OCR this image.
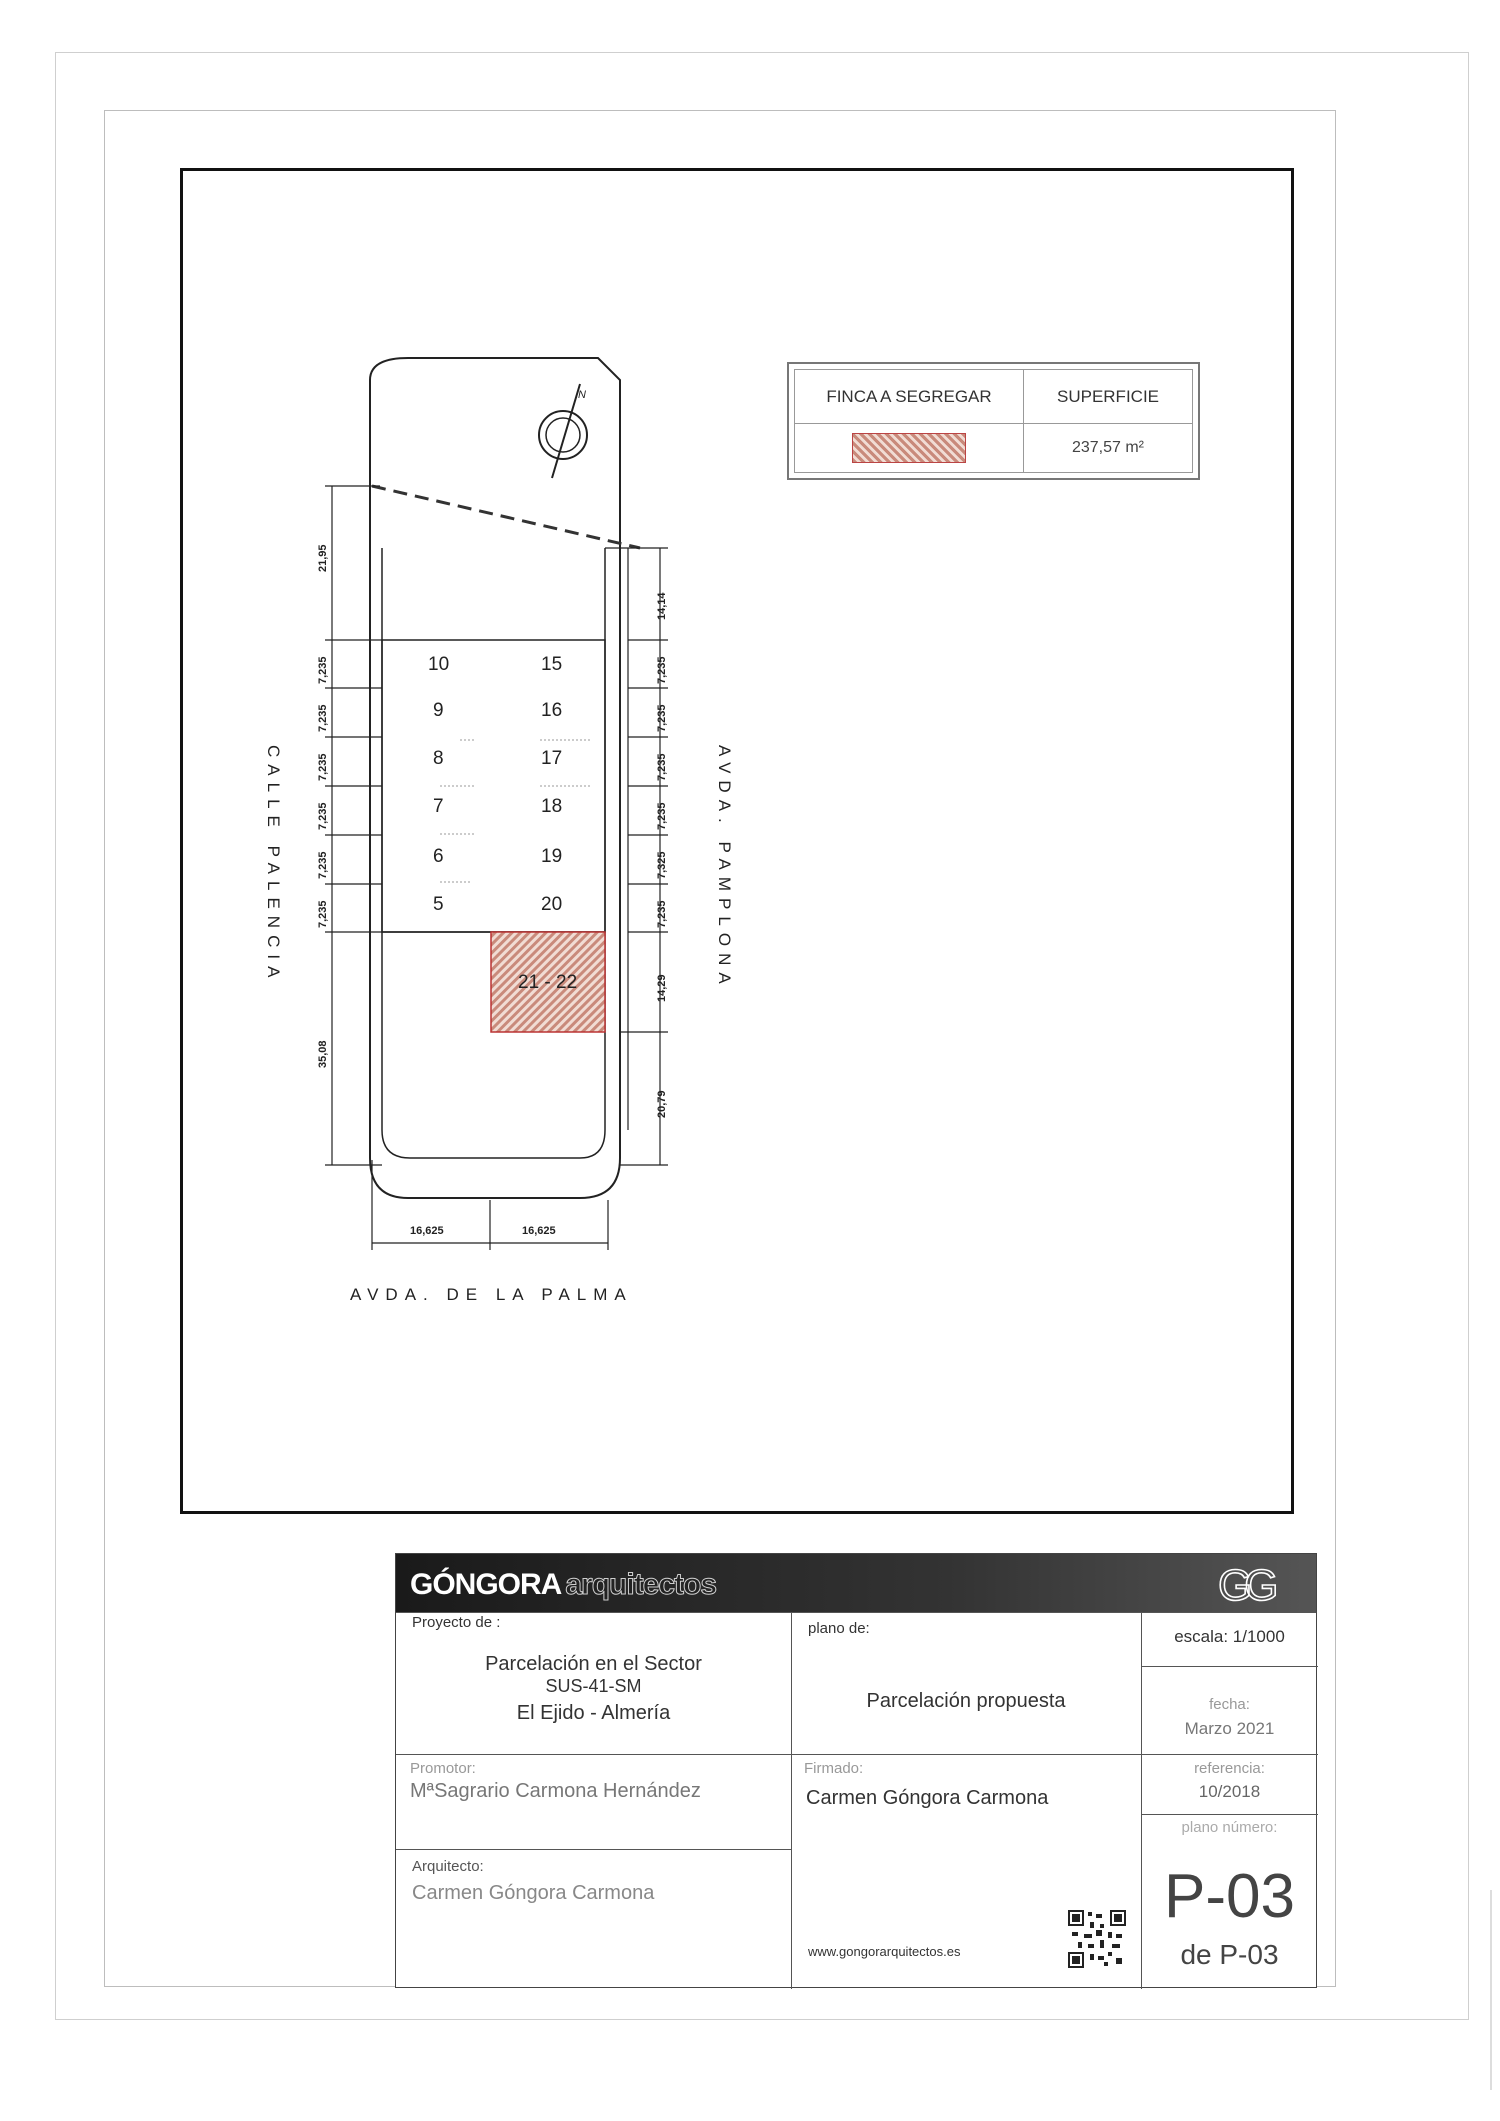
10
9
8
7
6
5
15
16
17
18
19
20
21 - 22
N
21,95
7,235
7,235
7,235
7,235
7,235
7,235
35,08
14,14
7,235
7,235
7,235
7,235
7,325
7,235
14,29
20,79
16,625	16,625
CALLE PALENCIA	AVDA. PAMPLONA
AVDA. DE LA PALMA
FINCA A SEGREGAR	SUPERFICIE
237,57 m²
GÓNGORA arquitectos	GG
Proyecto de :
Parcelación en el Sector
SUS-41-SM
El Ejido - Almería
plano de:
Parcelación propuesta
escala: 1/1000
fecha:
Marzo 2021
referencia:
10/2018
plano número:
P-03
de P-03
Promotor:
MªSagrario Carmona Hernández
Firmado:
Carmen Góngora Carmona
Arquitecto:
Carmen Góngora Carmona
www.gongorarquitectos.es
